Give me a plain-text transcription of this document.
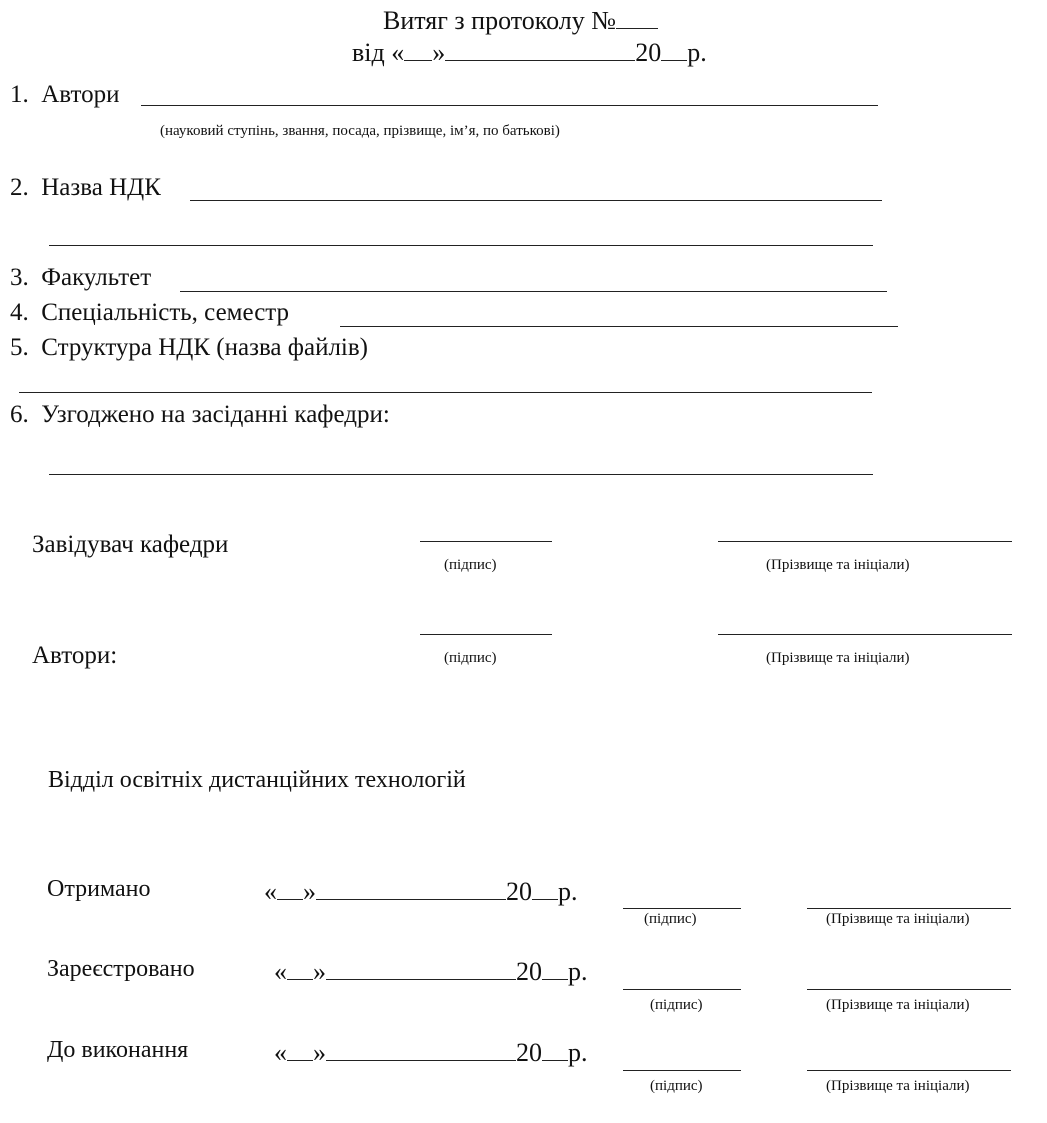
Витяг з протоколу №
від « »	20 р.
1. Автори
(науковий ступінь, звання, посада, прізвище, ім’я, по батькові)
2. Назва НДК
3. Факультет
4. Спеціальність, семестр
5. Структура НДК (назва файлів)
6. Узгоджено на засіданні кафедри:
Завідувач кафедри
(підпис)	(Прізвище та ініціали)
Автори:	(підпис)	(Прізвище та ініціали)
Відділ освітніх дистанційних технологій
Отримано	« »	20 р.
(підпис)	(Прізвище та ініціали)
Зареєстровано	« »	20 р.
(підпис)	(Прізвище та ініціали)
До виконання	« »	20 р.
(підпис)	(Прізвище та ініціали)
